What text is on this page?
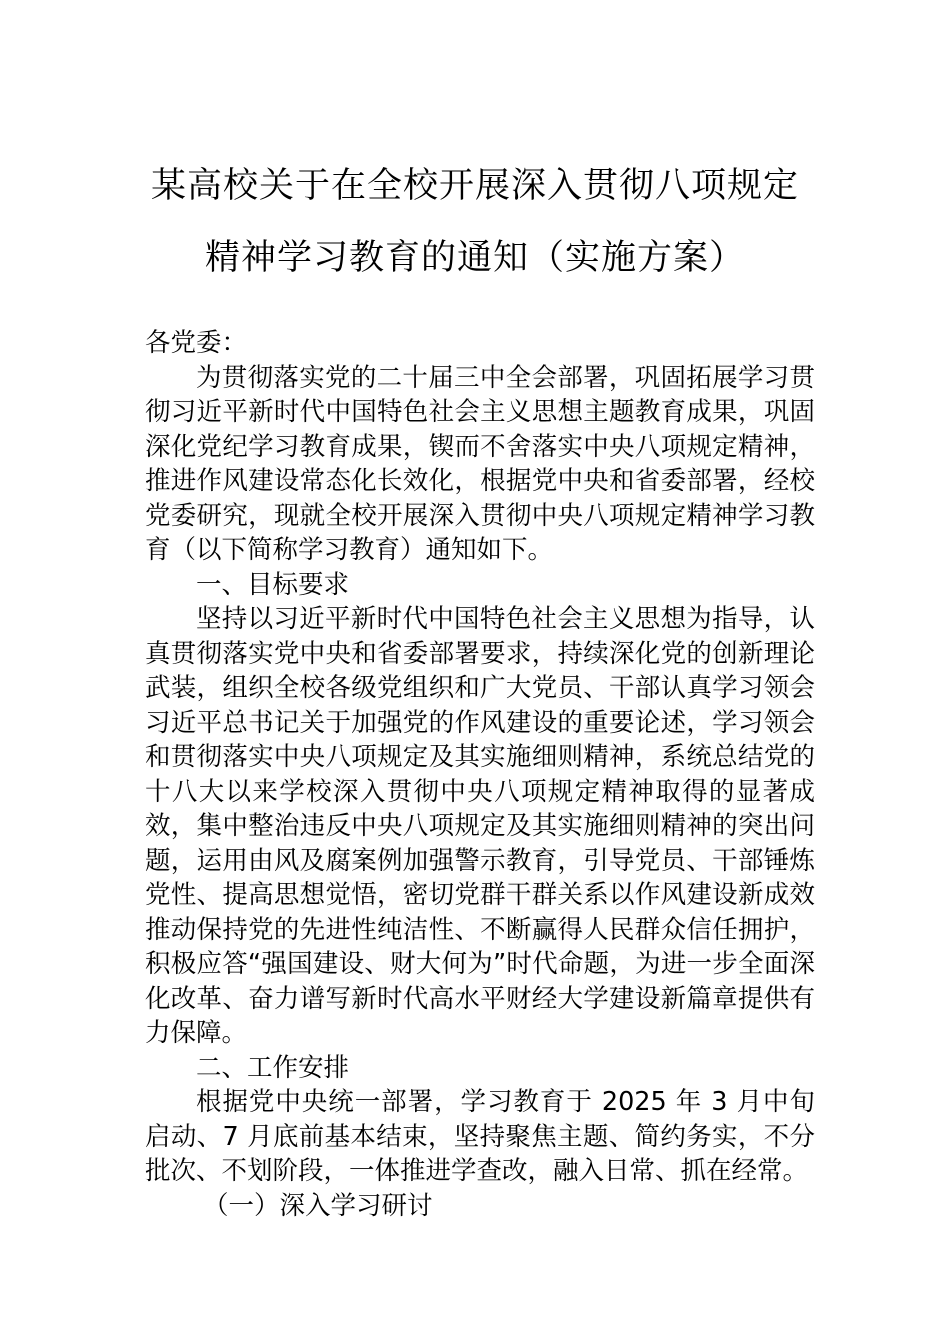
某高校关于在全校开展深入贯彻八项规定
精神学习教育的通知（实施方案）

各党委：

为贯彻落实党的二十届三中全会部署，巩固拓展学习贯彻习近平新时代中国特色社会主义思想主题教育成果，巩固深化党纪学习教育成果，锲而不舍落实中央八项规定精神，推进作风建设常态化长效化，根据党中央和省委部署，经校党委研究，现就全校开展深入贯彻中央八项规定精神学习教育（以下简称学习教育）通知如下。

一、目标要求

坚持以习近平新时代中国特色社会主义思想为指导，认真贯彻落实党中央和省委部署要求，持续深化党的创新理论武装，组织全校各级党组织和广大党员、干部认真学习领会习近平总书记关于加强党的作风建设的重要论述，学习领会和贯彻落实中央八项规定及其实施细则精神，系统总结党的十八大以来学校深入贯彻中央八项规定精神取得的显著成效，集中整治违反中央八项规定及其实施细则精神的突出问题，运用由风及腐案例加强警示教育，引导党员、干部锤炼党性、提高思想觉悟，密切党群干群关系以作风建设新成效推动保持党的先进性纯洁性、不断赢得人民群众信任拥护，积极应答“强国建设、财大何为”时代命题，为进一步全面深化改革、奋力谱写新时代高水平财经大学建设新篇章提供有力保障。

二、工作安排

根据党中央统一部署，学习教育于 2025 年 3 月中旬启动、7 月底前基本结束，坚持聚焦主题、简约务实，不分批次、不划阶段，一体推进学查改，融入日常、抓在经常。

（一）深入学习研讨
